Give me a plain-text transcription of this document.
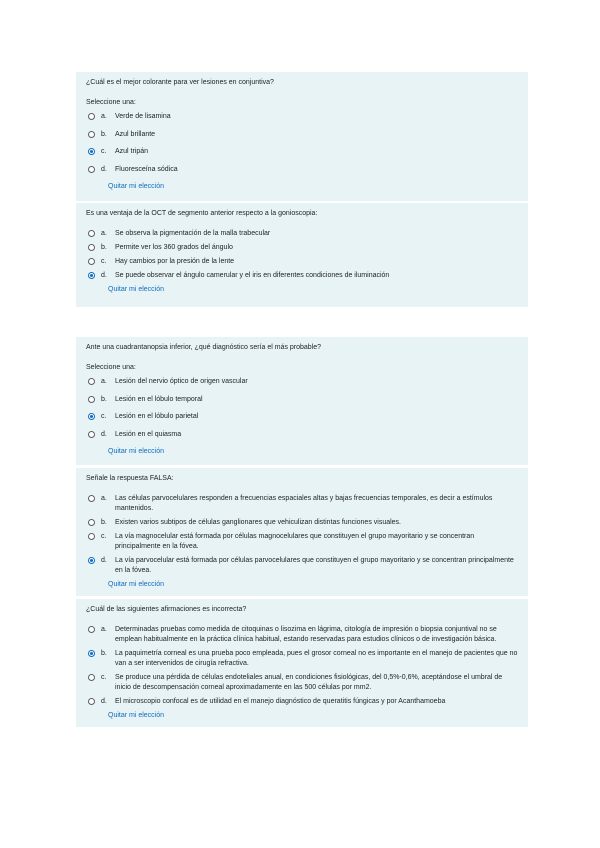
¿Cuál es el mejor colorante para ver lesiones en conjuntiva?

Seleccione una:

a.	Verde de lisamina
b.	Azul brillante
c.	Azul tripán
d.	Fluoresceína sódica
Quitar mi elección

Es una ventaja de la OCT de segmento anterior respecto a la gonioscopia:

a.	Se observa la pigmentación de la malla trabecular
b.	Permite ver los 360 grados del ángulo
c.	Hay cambios por la presión de la lente
d.	Se puede observar el ángulo camerular y el iris en diferentes condiciones de iluminación
Quitar mi elección

Ante una cuadrantanopsia inferior, ¿qué diagnóstico sería el más probable?

Seleccione una:

a.	Lesión del nervio óptico de origen vascular
b.	Lesión en el lóbulo temporal
c.	Lesión en el lóbulo parietal
d.	Lesión en el quiasma
Quitar mi elección

Señale la respuesta FALSA:

a.	Las células parvocelulares responden a frecuencias espaciales altas y bajas frecuencias temporales, es decir a estímulos mantenidos.
b.	Existen varios subtipos de células ganglionares que vehiculizan distintas funciones visuales.
c.	La vía magnocelular está formada por células magnocelulares que constituyen el grupo mayoritario y se concentran principalmente en la fóvea.
d.	La vía parvocelular está formada por células parvocelulares que constituyen el grupo mayoritario y se concentran principalmente en la fóvea.
Quitar mi elección

¿Cuál de las siguientes afirmaciones es incorrecta?

a.	Determinadas pruebas como medida de citoquinas o lisozima en lágrima, citología de impresión o biopsia conjuntival no se emplean habitualmente en la práctica clínica habitual, estando reservadas para estudios clínicos o de investigación básica.
b.	La paquimetría corneal es una prueba poco empleada, pues el grosor corneal no es importante en el manejo de pacientes que no van a ser intervenidos de cirugía refractiva.
c.	Se produce una pérdida de células endoteliales anual, en condiciones fisiológicas, del 0,5%-0,6%, aceptándose el umbral de inicio de descompensación corneal aproximadamente en las 500 células por mm2.
d.	El microscopio confocal es de utilidad en el manejo diagnóstico de queratitis fúngicas y por Acanthamoeba
Quitar mi elección
